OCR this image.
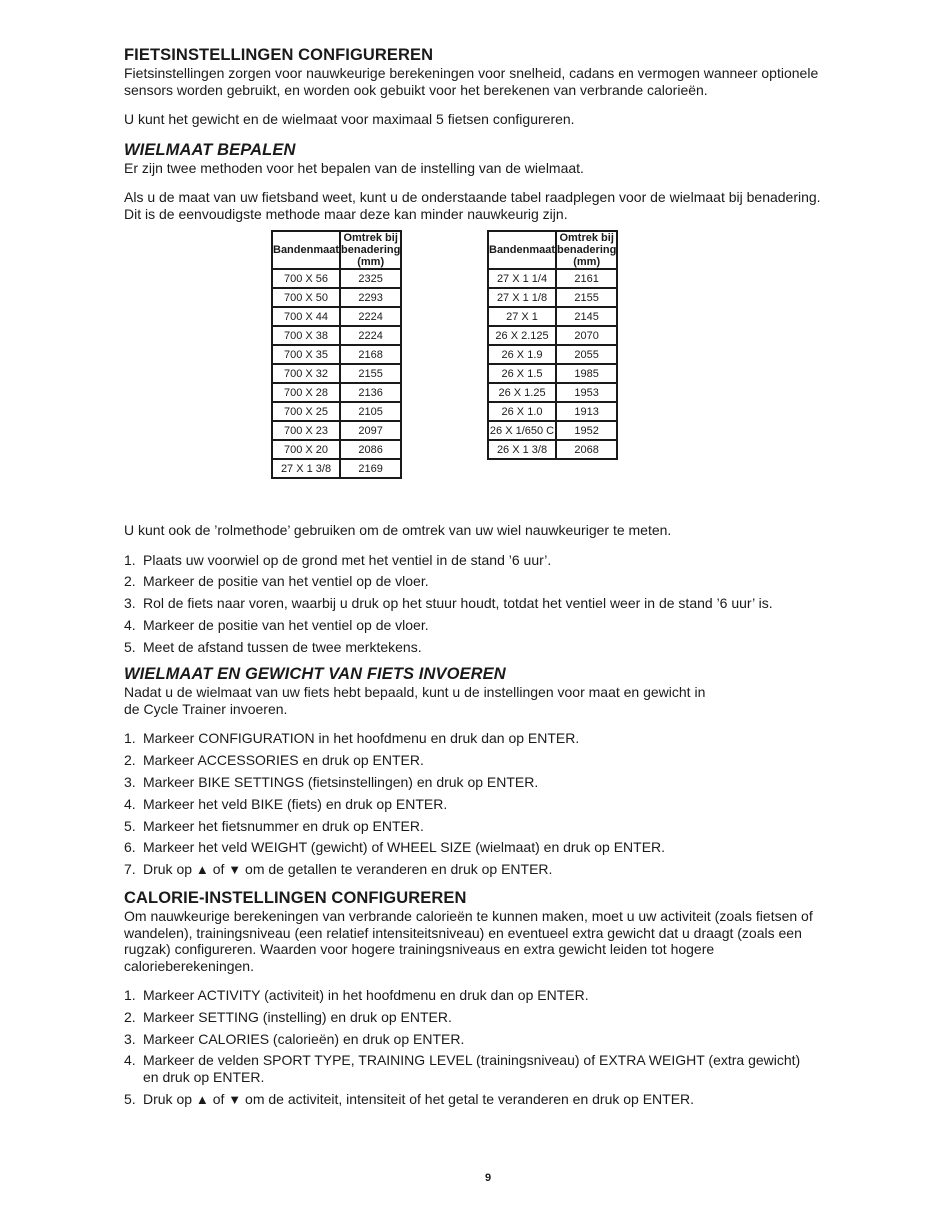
FIETSINSTELLINGEN CONFIGUREREN

Fietsinstellingen zorgen voor nauwkeurige berekeningen voor snelheid, cadans en vermogen wanneer optionele sensors worden gebruikt, en worden ook gebuikt voor het berekenen van verbrande calorieën.

U kunt het gewicht en de wielmaat voor maximaal 5 fietsen configureren.

WIELMAAT BEPALEN

Er zijn twee methoden voor het bepalen van de instelling van de wielmaat.

Als u de maat van uw fietsband weet, kunt u de onderstaande tabel raadplegen voor de wielmaat bij benadering. Dit is de eenvoudigste methode maar deze kan minder nauwkeurig zijn.

U kunt ook de ’rolmethode’ gebruiken om de omtrek van uw wiel nauwkeuriger te meten.

1. Plaats uw voorwiel op de grond met het ventiel in de stand ’6 uur’.
2. Markeer de positie van het ventiel op de vloer.
3. Rol de fiets naar voren, waarbij u druk op het stuur houdt, totdat het ventiel weer in de stand ’6 uur’ is.
4. Markeer de positie van het ventiel op de vloer.
5. Meet de afstand tussen de twee merktekens.
WIELMAAT EN GEWICHT VAN FIETS INVOEREN

Nadat u de wielmaat van uw fiets hebt bepaald, kunt u de instellingen voor maat en gewicht in
de Cycle Trainer invoeren.

1. Markeer CONFIGURATION in het hoofdmenu en druk dan op ENTER.
2. Markeer ACCESSORIES en druk op ENTER.
3. Markeer BIKE SETTINGS (fietsinstellingen) en druk op ENTER.
4. Markeer het veld BIKE (fiets) en druk op ENTER.
5. Markeer het fietsnummer en druk op ENTER.
6. Markeer het veld WEIGHT (gewicht) of WHEEL SIZE (wielmaat) en druk op ENTER.
7. Druk op ▲ of ▼ om de getallen te veranderen en druk op ENTER.
CALORIE-INSTELLINGEN CONFIGUREREN

Om nauwkeurige berekeningen van verbrande calorieën te kunnen maken, moet u uw activiteit (zoals fietsen of wandelen), trainingsniveau (een relatief intensiteitsniveau) en eventueel extra gewicht dat u draagt (zoals een rugzak) configureren. Waarden voor hogere trainingsniveaus en extra gewicht leiden tot hogere calorieberekeningen.

1. Markeer ACTIVITY (activiteit) in het hoofdmenu en druk dan op ENTER.
2. Markeer SETTING (instelling) en druk op ENTER.
3. Markeer CALORIES (calorieën) en druk op ENTER.
4. Markeer de velden SPORT TYPE, TRAINING LEVEL (trainingsniveau) of EXTRA WEIGHT (extra gewicht)
en druk op ENTER.
5. Druk op ▲ of ▼ om de activiteit, intensiteit of het getal te veranderen en druk op ENTER.
Bandenmaat	Omtrek bij benadering (mm)
700 X 56	2325
700 X 50	2293
700 X 44	2224
700 X 38	2224
700 X 35	2168
700 X 32	2155
700 X 28	2136
700 X 25	2105
700 X 23	2097
700 X 20	2086
27 X 1 3/8	2169
Bandenmaat	Omtrek bij benadering (mm)
27 X 1 1/4	2161
27 X 1 1/8	2155
27 X 1	2145
26 X 2.125	2070
26 X 1.9	2055
26 X 1.5	1985
26 X 1.25	1953
26 X 1.0	1913
26 X 1/650 C	1952
26 X 1 3/8	2068
9
